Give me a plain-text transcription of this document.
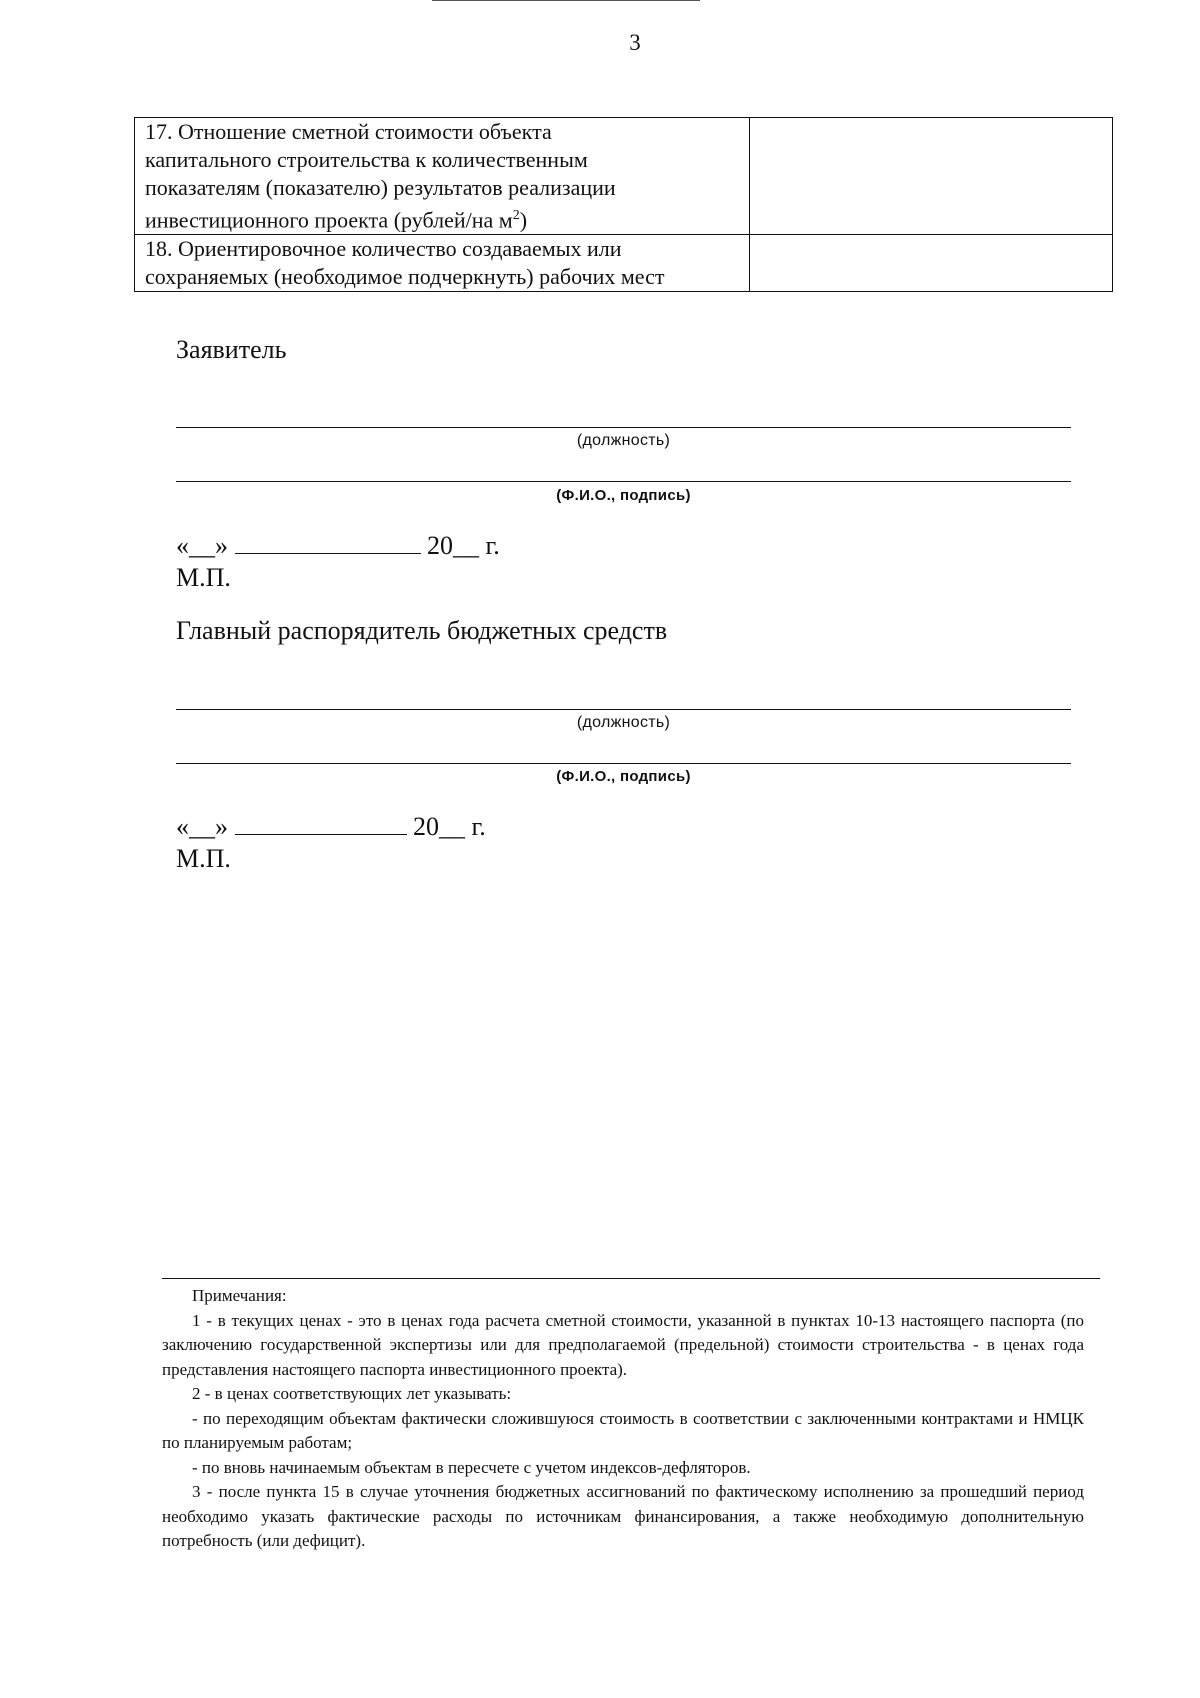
3
17. Отношение сметной стоимости объекта
капитального строительства к количественным
показателям (показателю) результатов реализации
инвестиционного проекта (рублей/на $м^2$)	

18. Ориентировочное количество создаваемых или
сохраняемых (необходимое подчеркнуть) рабочих мест	

Заявитель
(должность)
(Ф.И.О., подпись)
«__»	20__ г.
М.П.
Главный распорядитель бюджетных средств
(должность)
(Ф.И.О., подпись)
«__»	20__ г.
М.П.

Примечания:

1 - в текущих ценах - это в ценах года расчета сметной стоимости, указанной в пунктах 10-13 настоящего паспорта (по заключению государственной экспертизы или для предполагаемой (предельной) стоимости строительства - в ценах года представления настоящего паспорта инвестиционного проекта).

2 - в ценах соответствующих лет указывать:

- по переходящим объектам фактически сложившуюся стоимость в соответствии с заключенными контрактами и НМЦК по планируемым работам;

- по вновь начинаемым объектам в пересчете с учетом индексов-дефляторов.

3 - после пункта 15 в случае уточнения бюджетных ассигнований по фактическому исполнению за прошедший период необходимо указать фактические расходы по источникам финансирования, а также необходимую дополнительную потребность (или дефицит).
